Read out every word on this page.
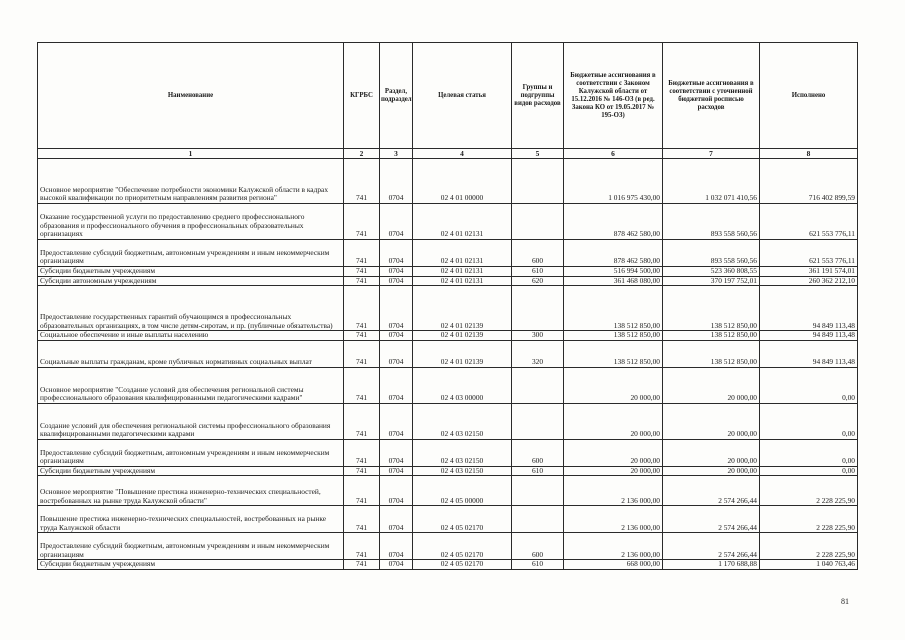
Наименование	КГРБС	Раздел, подраздел	Целевая статья	Группы и подгруппы видов расходов	Бюджетные ассигнования в соответствии с Законом Калужской области от 15.12.2016 № 146-ОЗ (в ред. Закона КО от 19.05.2017 № 195-ОЗ)	Бюджетные ассигнования в соответствии с уточненной бюджетной росписью расходов	Исполнено
1	2	3	4	5	6	7	8
Основное мероприятие "Обеспечение потребности экономики Калужской области в кадрах высокой квалификации по приоритетным направлениям развития региона"	741	0704	02 4 01 00000		1 016 975 430,00	1 032 071 410,56	716 402 899,59
Оказание государственной услуги по предоставлению среднего профессионального образования и профессионального обучения в профессиональных образовательных организациях	741	0704	02 4 01 02131		878 462 580,00	893 558 560,56	621 553 776,11
Предоставление субсидий бюджетным, автономным учреждениям и иным некоммерческим организациям	741	0704	02 4 01 02131	600	878 462 580,00	893 558 560,56	621 553 776,11
Субсидии бюджетным учреждениям	741	0704	02 4 01 02131	610	516 994 500,00	523 360 808,55	361 191 574,01
Субсидии автономным учреждениям	741	0704	02 4 01 02131	620	361 468 080,00	370 197 752,01	260 362 212,10
Предоставление государственных гарантий обучающимся в профессиональных образовательных организациях, в том числе детям-сиротам, и пр. (публичные обязательства)	741	0704	02 4 01 02139		138 512 850,00	138 512 850,00	94 849 113,48
Социальное обеспечение и иные выплаты населению	741	0704	02 4 01 02139	300	138 512 850,00	138 512 850,00	94 849 113,48
Социальные выплаты гражданам, кроме публичных нормативных социальных выплат	741	0704	02 4 01 02139	320	138 512 850,00	138 512 850,00	94 849 113,48
Основное мероприятие "Создание условий для обеспечения региональной системы профессионального образования квалифицированными педагогическими кадрами"	741	0704	02 4 03 00000		20 000,00	20 000,00	0,00
Создание условий для обеспечения региональной системы профессионального образования квалифицированными педагогическими кадрами	741	0704	02 4 03 02150		20 000,00	20 000,00	0,00
Предоставление субсидий бюджетным, автономным учреждениям и иным некоммерческим организациям	741	0704	02 4 03 02150	600	20 000,00	20 000,00	0,00
Субсидии бюджетным учреждениям	741	0704	02 4 03 02150	610	20 000,00	20 000,00	0,00
Основное мероприятие "Повышение престижа инженерно-технических специальностей, востребованных на рынке труда Калужской области"	741	0704	02 4 05 00000		2 136 000,00	2 574 266,44	2 228 225,90
Повышение престижа инженерно-технических специальностей, востребованных на рынке труда Калужской области	741	0704	02 4 05 02170		2 136 000,00	2 574 266,44	2 228 225,90
Предоставление субсидий бюджетным, автономным учреждениям и иным некоммерческим организациям	741	0704	02 4 05 02170	600	2 136 000,00	2 574 266,44	2 228 225,90
Субсидии бюджетным учреждениям	741	0704	02 4 05 02170	610	668 000,00	1 170 688,88	1 040 763,46
81
